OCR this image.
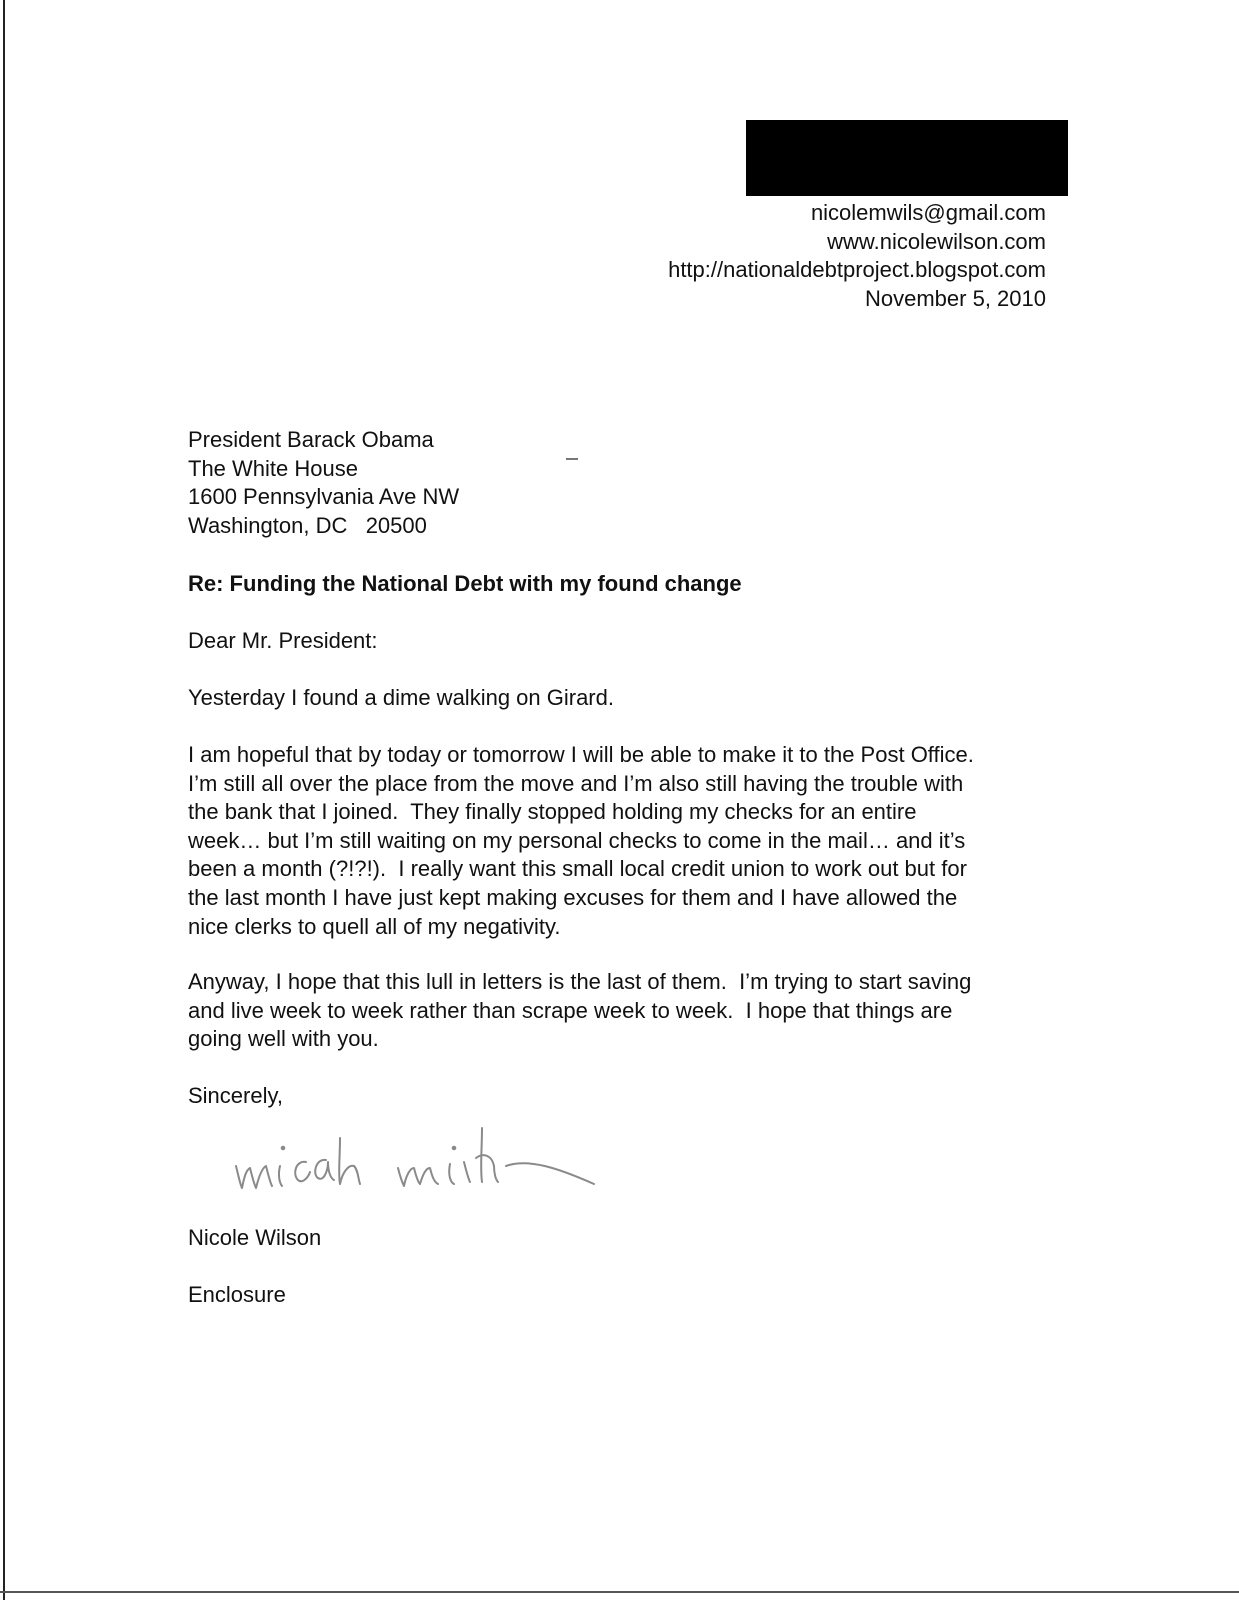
nicolemwils@gmail.com
www.nicolewilson.com
http://nationaldebtproject.blogspot.com
November 5, 2010
President Barack Obama
The White House
1600 Pennsylvania Ave NW
Washington, DC   20500
Re: Funding the National Debt with my found change
Dear Mr. President:
Yesterday I found a dime walking on Girard.
I am hopeful that by today or tomorrow I will be able to make it to the Post Office.
I’m still all over the place from the move and I’m also still having the trouble with
the bank that I joined.  They finally stopped holding my checks for an entire
week… but I’m still waiting on my personal checks to come in the mail… and it’s
been a month (?!?!).  I really want this small local credit union to work out but for
the last month I have just kept making excuses for them and I have allowed the
nice clerks to quell all of my negativity.
Anyway, I hope that this lull in letters is the last of them.  I’m trying to start saving
and live week to week rather than scrape week to week.  I hope that things are
going well with you.
Sincerely,
Nicole Wilson
Enclosure
